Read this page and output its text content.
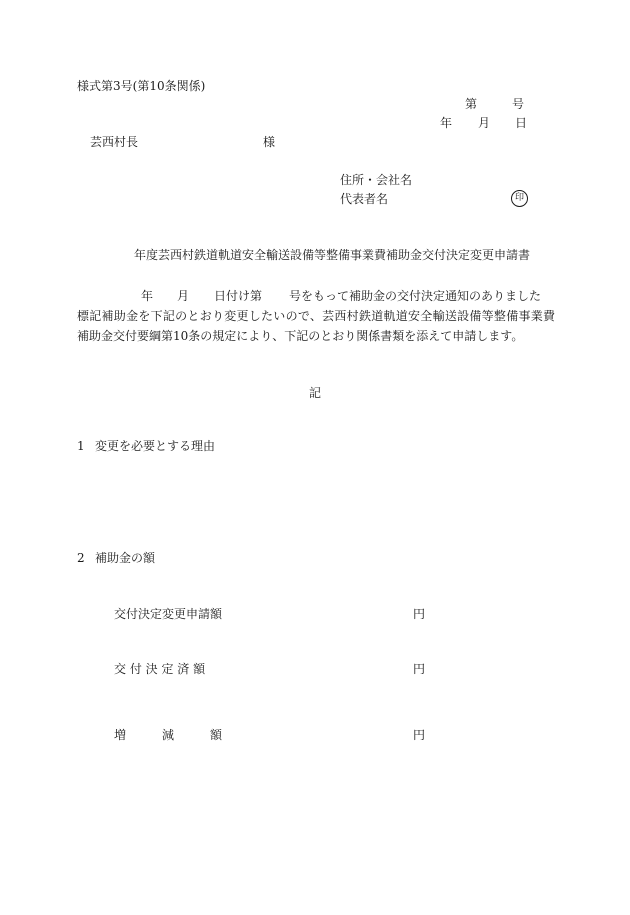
様式第3号(第10条関係)
第	号
年 月 日
芸西村長	様
住所・会社名
代表者名	印
年度芸西村鉄道軌道安全輸送設備等整備事業費補助金交付決定変更申請書
年 月 日付け第 号をもって補助金の交付決定通知のありました
標記補助金を下記のとおり変更したいので、芸西村鉄道軌道安全輸送設備等整備事業費補助金交付要綱第10条の規定により、下記のとおり関係書類を添えて申請します。
記
1 変更を必要とする理由
2 補助金の額
交付決定変更申請額	円
交 付 決 定 済 額	円
増　　　減　　　額	円
